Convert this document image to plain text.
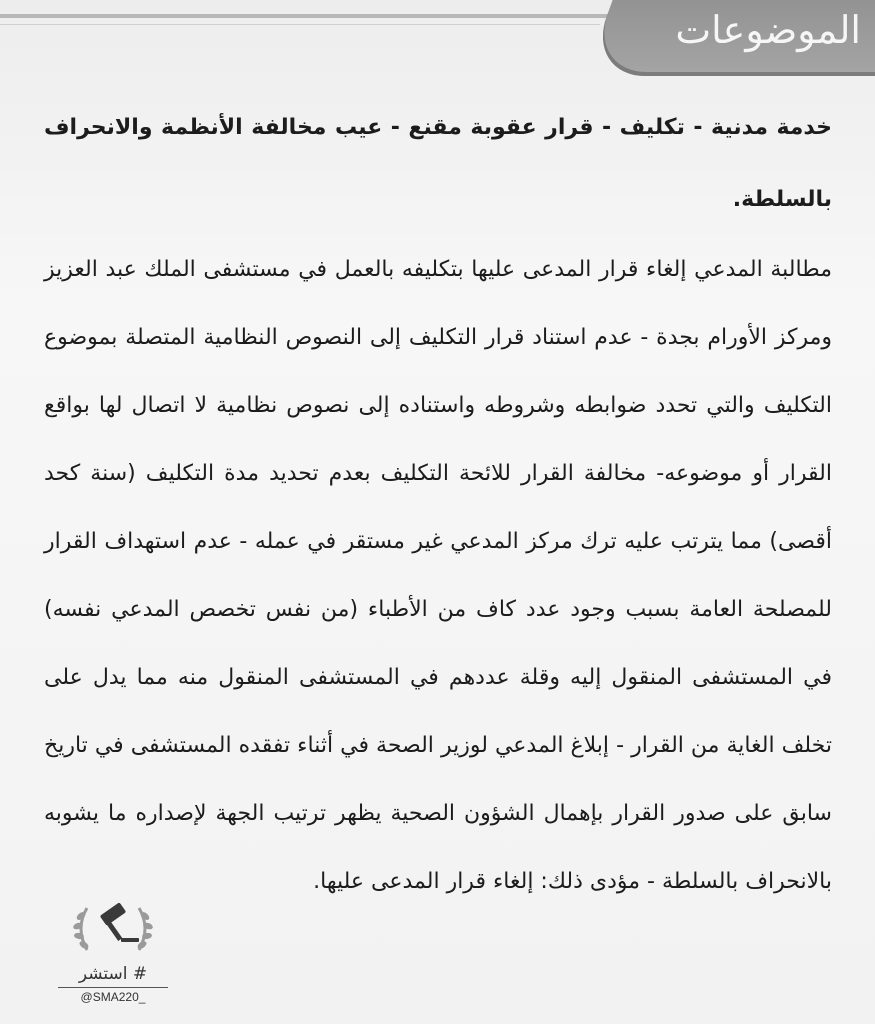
الموضوعات

خدمة مدنية - تكليف - قرار عقوبة مقنع - عيب مخالفة الأنظمة والانحراف بالسلطة.

مطالبة المدعي إلغاء قرار المدعى عليها بتكليفه بالعمل في مستشفى الملك عبد العزيز ومركز الأورام بجدة - عدم استناد قرار التكليف إلى النصوص النظامية المتصلة بموضوع التكليف والتي تحدد ضوابطه وشروطه واستناده إلى نصوص نظامية لا اتصال لها بواقع القرار أو موضوعه- مخالفة القرار للائحة التكليف بعدم تحديد مدة التكليف (سنة كحد أقصى) مما يترتب عليه ترك مركز المدعي غير مستقر في عمله - عدم استهداف القرار للمصلحة العامة بسبب وجود عدد كاف من الأطباء (من نفس تخصص المدعي نفسه) في المستشفى المنقول إليه وقلة عددهم في المستشفى المنقول منه مما يدل على تخلف الغاية من القرار - إبلاغ المدعي لوزير الصحة في أثناء تفقده المستشفى في تاريخ سابق على صدور القرار بإهمال الشؤون الصحية يظهر ترتيب الجهة لإصداره ما يشوبه بالانحراف بالسلطة - مؤدى ذلك: إلغاء قرار المدعى عليها.

# استشر
@SMA220_
